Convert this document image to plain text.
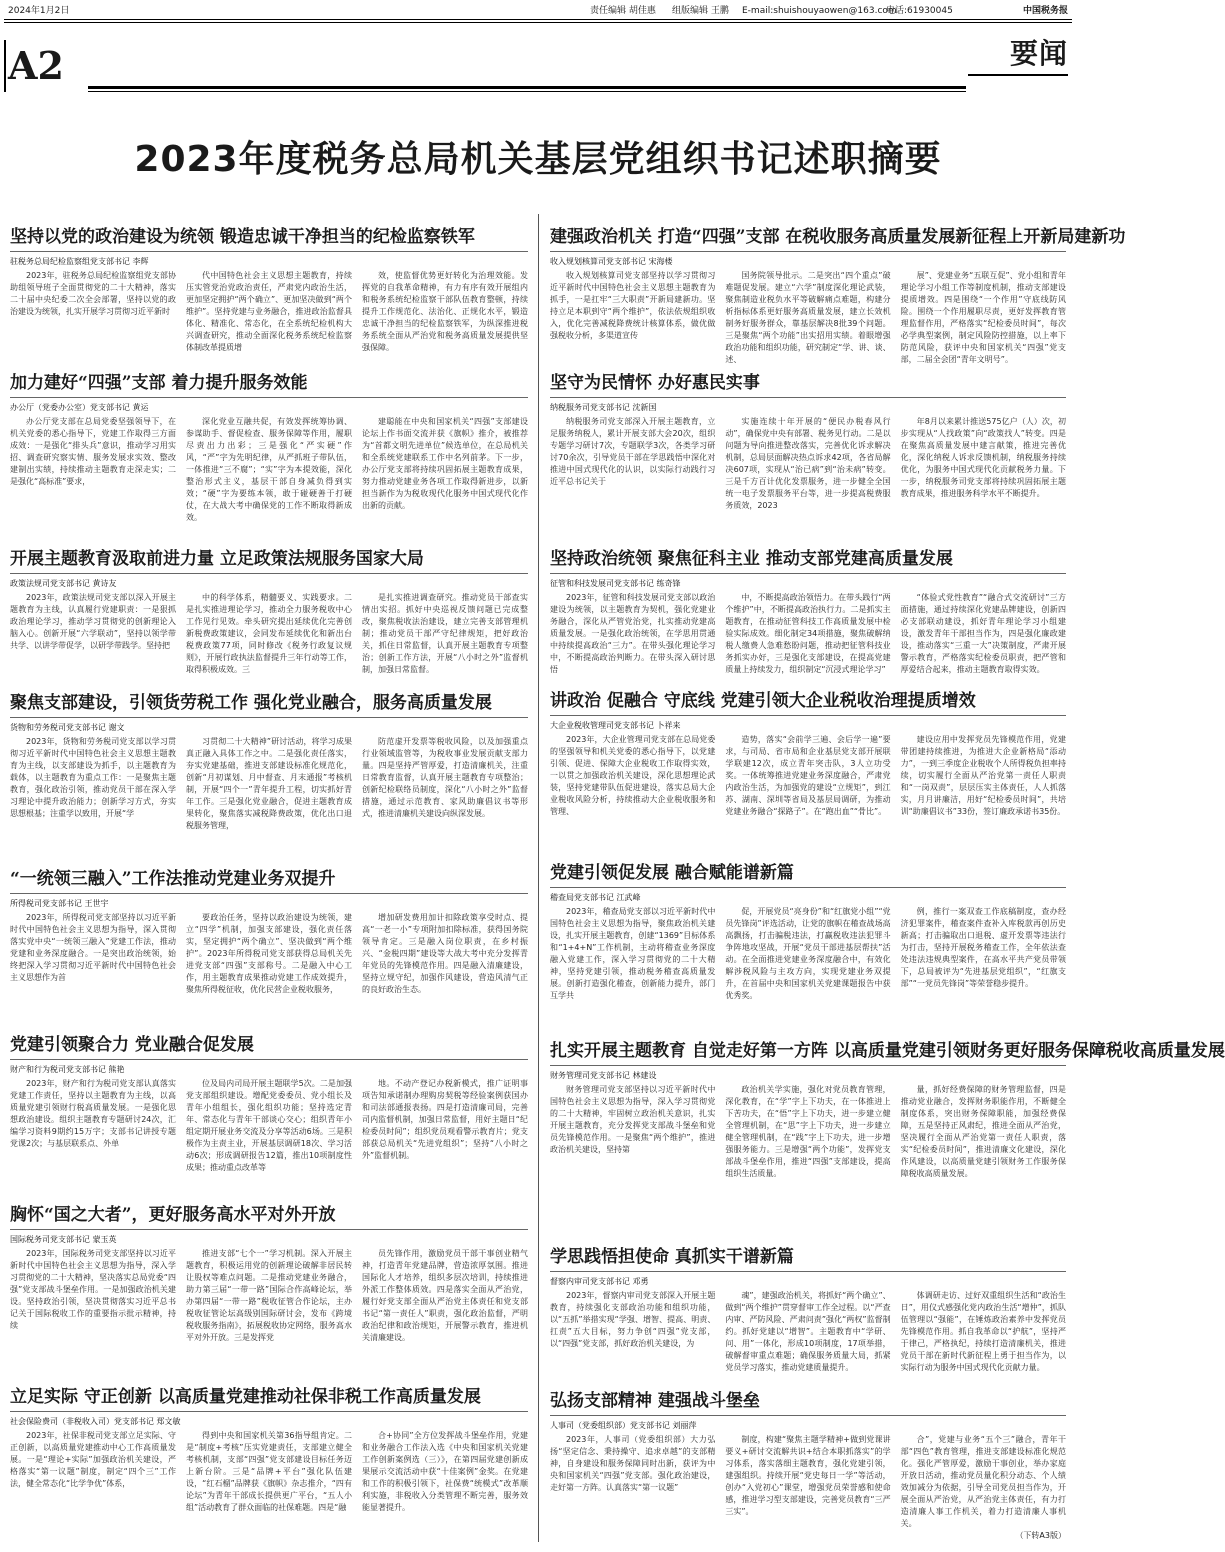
2024年1月2日	责任编辑 胡佳惠 组版编辑 王鹏 E-mail:shuishouyaowen@163.com
电话:61930045	中国税务报
A2	要闻
2023年度税务总局机关基层党组织书记述职摘要
坚持以党的政治建设为统领 锻造忠诚干净担当的纪检监察铁军
驻税务总局纪检监察组党支部书记 李辉
2023年，驻税务总局纪检监察组党支部协助组领导班子全面贯彻党的二十大精神，落实二十届中央纪委二次全会部署，坚持以党的政治建设为统领，扎实开展学习贯彻习近平新时
代中国特色社会主义思想主题教育，持续压实管党治党政治责任，严肃党内政治生活，更加坚定拥护“两个确立”、更加坚决做到“两个维护”。坚持党建与业务融合，推进政治监督具体化、精准化、常态化，在全系统纪检机构大兴调查研究，推动全面深化税务系统纪检监察体制改革提质增
效，使监督优势更好转化为治理效能。发挥党的自我革命精神，有力有序有效开展组内和税务系统纪检监察干部队伍教育整顿，持续提升工作规范化、法治化、正规化水平，锻造忠诚干净担当的纪检监察铁军，为纵深推进税务系统全面从严治党和税务高质量发展提供坚强保障。
加力建好“四强”支部 着力提升服务效能
办公厅（党委办公室）党支部书记 黄运
办公厅党支部在总局党委坚强领导下，在机关党委的悉心指导下，党建工作取得三方面成效：一是强化“排头兵”意识，推动学习用实招、调查研究察实情、服务发展求实效、整改建制出实绩，持续推动主题教育走深走实；二是强化“高标准”要求，
深化党业互融共促，有效发挥统筹协调、参谋助手、督促检查、服务保障等作用，履职尽责出力出彩；三是强化“严实硬”作风，“严”字为先明纪律，从严抓班子带队伍，一体推进“三不腐”；“实”字为本提效能，深化整治形式主义，基层干部自身减负得到实效；“硬”字为要练本领，敢于碰硬善于打硬仗，在大战大考中确保党的工作不断取得新成效。
建聪能在中央和国家机关“四强”支部建设论坛上作书面交流并获《旗帜》推介，被推荐为“首都文明先进单位”候选单位，在总局机关和全系统党建联系工作中名列前茅。下一步，办公厅党支部将持续巩固拓展主题教育成果，努力推动党建业务各项工作取得新进步，以新担当新作为为税收现代化服务中国式现代化作出新的贡献。
开展主题教育汲取前进力量 立足政策法规服务国家大局
政策法规司党支部书记 黄诗友
2023年，政策法规司党支部以深入开展主题教育为主线，认真履行党建职责：一是狠抓政治理论学习，推动学习贯彻党的创新理论入脑入心。创新开展“六学联动”，坚持以领学带共学、以讲学带促学，以研学带践学。坚持把
中的科学体系，精髓要义、实践要求。二是扎实推进理论学习，推动全力服务税收中心工作见行见效。牵头研究提出延续优化完善创新税费政策建议，会同发布延续优化和新出台税费政策77项，同时修改《税务行政复议规则》，开展行政执法监督提升三年行动等工作，取得积极成效。三
是扎实推进调查研究。推动党员干部查实情出实招。抓好中央巡视反馈问题已完成整改，聚焦税收法治建设，建立完善支部管理机制；推动党员干部严守纪律规矩，把好政治关，抓住日常监督，认真开展主题教育专项整治；创新工作方法，开展“八小时之外”监督机制，加强日常监督。
聚焦支部建设，引领货劳税工作 强化党业融合，服务高质量发展
货物和劳务税司党支部书记 谢文
2023年，货物和劳务税司党支部以学习贯彻习近平新时代中国特色社会主义思想主题教育为主线，以支部建设为抓手，以主题教育为载体，以主题教育为重点工作：一是聚焦主题教育，强化政治引领，推动党员干部在深入学习理论中提升政治能力；创新学习方式，夯实思想根基；注重学以致用，开展“学
习贯彻二十大精神”研讨活动，将学习成果真正融入具体工作之中。二是强化责任落实，夯实党建基础，推进支部建设标准化规范化，创新“月初谋划、月中督查、月末通报”考核机制，开展“四个一”青年提升工程，切实抓好青年工作。三是强化党业融合，促进主题教育成果转化，聚焦落实减税降费政策，优化出口退税服务管理，
防范虚开发票等税收风险，以及加强重点行业领域监管等，为税收事业发展贡献支部力量。四是坚持严管厚爱，打造清廉机关，注重日常教育监督，认真开展主题教育专项整治；创新纪检联络员制度，深化“八小时之外”监督措施，通过示范教育、家风助廉倡议书等形式，推进清廉机关建设向纵深发展。
“一统领三融入”工作法推动党建业务双提升
所得税司党支部书记 王世宇
2023年，所得税司党支部坚持以习近平新时代中国特色社会主义思想为指导，深入贯彻落实党中央“一统领三融入”党建工作法，推动党建和业务深度融合。一是突出政治统领，始终把深入学习贯彻习近平新时代中国特色社会主义思想作为首
要政治任务，坚持以政治建设为统领，建立“四学”机制，加强支部建设，强化责任落实，坚定拥护“两个确立”、坚决做到“两个维护”。2023年所得税司党支部获得总局机关先进党支部“四强”支部称号。二是融入中心工作，用主题教育成果推动党建工作成效提升，聚焦所得税征收，优化民营企业税收服务，
增加研发费用加计扣除政策享受时点、提高“一老一小”专项附加扣除标准，获得国务院领导肯定。三是融入岗位职责，在乡村振兴、“金税四期”建设等大战大考中充分发挥青年党员的先锋模范作用。四是融入清廉建设，坚持立规守纪，加强作风建设，营造风清气正的良好政治生态。
党建引领聚合力 党业融合促发展
财产和行为税司党支部书记 熊艳
2023年，财产和行为税司党支部认真落实党建工作责任，坚持以主题教育为主线，以高质量党建引领财行税高质量发展。一是强化思想政治建设。组织主题教育专题研讨24次，汇编学习资料9期约15万字；支部书记讲授专题党课2次；与基层联系点、外单
位及局内司局开展主题联学5次。二是加强党支部组织建设。增配党委委员、党小组长及青年小组组长，强化组织功能；坚持选定青年、常态化与青年干部谈心交心；组织青年小组定期开展业务交流及分享等活动6场。三是积极作为主责主业，开展基层调研18次、学习活动6次；形成调研报告12篇，推出10项制度性成果；推动重点改革等
地。不动产登记办税新模式，推广证明事项告知承诺制办理购房契税等经验案例获国办和司法部通报表扬。四是打造清廉司局，完善司内监督机制，加强日常监督，用好主题日“纪检委员时间”；组织党员观看警示教育片；党支部获总局机关“先进党组织”；坚持“八小时之外”监督机制。
胸怀“国之大者”，更好服务高水平对外开放
国际税务司党支部书记 蒙玉英
2023年，国际税务司党支部坚持以习近平新时代中国特色社会主义思想为指导，深入学习贯彻党的二十大精神，坚决落实总局党委“四强”党支部战斗堡垒作用。一是加强政治机关建设。坚持政治引领，坚决贯彻落实习近平总书记关于国际税收工作的重要指示批示精神，持续
推进支部“七个一”学习机制。深入开展主题教育，积极运用党的创新理论破解非居民转让股权等难点问题。二是推动党建业务融合，助力第三届“一带一路”国际合作高峰论坛，举办第四届“一带一路”税收征管合作论坛，主办税收征管论坛高级别国际研讨会，发布《跨境税收服务指南》，拓展税收协定网络，服务高水平对外开放。三是发挥党
员先锋作用，激励党员干部干事创业精气神，打造青年党建品牌，营造浓厚氛围。推进国际化人才培养，组织多层次培训，持续推进外派工作整体质效。四是落实全面从严治党，履行好党支部全面从严治党主体责任和党支部书记“第一责任人”职责，强化政治监督，严明政治纪律和政治规矩，开展警示教育，推进机关清廉建设。
立足实际 守正创新 以高质量党建推动社保非税工作高质量发展
社会保险费司（非税收入司）党支部书记 郑文敏
2023年，社保非税司党支部立足实际、守正创新，以高质量党建推动中心工作高质量发展。一是“理论+实际”加强政治机关建设，严格落实“第一议题”制度，制定“四个三”工作法，健全常态化“比学争优”体系，
得到中央和国家机关第36指导组肯定。二是“制度+考核”压实党建责任，支部建立健全考核机制，支部“四强”党支部建设目标任务迈上新台阶。三是“品牌+平台”强化队伍建设，“红石榴”品牌获《旗帜》杂志推介，“四有论坛”为青年干部成长提供更广平台，“五人小组”活动教育了群众面临的社保难题。四是“融
合+协同”全方位发挥战斗堡垒作用，党建和业务融合工作法入选《中央和国家机关党建工作创新案例选（三）》，在第四届党建创新成果展示交流活动中获“十佳案例”金奖。在党建和工作的积极引领下，社保费“统模式”改革顺利实施，非税收入分类管理不断完善，服务效能显著提升。
建强政治机关 打造“四强”支部 在税收服务高质量发展新征程上开新局建新功
收入规划核算司党支部书记 宋海楼
收入规划核算司党支部坚持以学习贯彻习近平新时代中国特色社会主义思想主题教育为抓手，一是扛牢“三大职责”开新局建新功。坚持立足本职到守“两个维护”，依法依规组织收入，优化完善减税降费统计核算体系，做优做强税收分析，多渠道宣传
国务院领导批示。二是突出“四个重点”破难题促发展。建立“六学”制度深化理论武装，聚焦制造业税负水平等破解痛点难题，构建分析指标体系更好服务高质量发展，建立长效机制务好服务群众，靠基层解决8批39个问题。三是聚焦“两个功能”出实招用实绩。着眼增强政治功能和组织功能，研究制定“学、讲、谈、述、
展”、党建业务“五联互促”、党小组和青年理论学习小组工作等制度机制，推动支部建设提质增效。四是围绕“一个作用”守底线防风险。围绕一个作用履职尽责，更好发挥教育管理监督作用，严格落实“纪检委员时间”，每次必学典型案例，制定风险防控措施，以上率下防范风险，获评中央和国家机关“四强”党支部，二届全会团“青年文明号”。
坚守为民情怀 办好惠民实事
纳税服务司党支部书记 沈新国
纳税服务司党支部深入开展主题教育，立足服务纳税人，累计开展支部大会20次，组织专题学习研讨7次，专题联学3次，各类学习研讨70余次，引导党员干部在学思践悟中深化对推进中国式现代化的认识，以实际行动践行习近平总书记关于
实施连续十年开展的“便民办税春风行动”，确保党中央有部署、税务见行动。二是以问题为导向推进整改落实，完善优化诉求解决机制，总局层面解决热点诉求42项，各省局解决607项，实现从“治已病”到“治未病”转变。三是千方百计优化发票服务，进一步健全全国统一电子发票服务平台等，进一步提高税费服务质效，2023
年8月以来累计推送575亿户（人）次，初步实现从“人找政策”向“政策找人”转变。四是在聚焦高质量发展中建言献策，推进完善优化，深化纳税人诉求反馈机制，纳税服务持续优化，为服务中国式现代化贡献税务力量。下一步，纳税服务司党支部将持续巩固拓展主题教育成果，推进服务科学水平不断提升。
坚持政治统领 聚焦征科主业 推动支部党建高质量发展
征管和科技发展司党支部书记 练奇锋
2023年，征管和科技发展司党支部以政治建设为统领，以主题教育为契机，强化党建业务融合，深化从严管党治党，扎实推动党建高质量发展。一是强化政治统领，在学思用贯通中持续提高政治“三力”。在带头强化理论学习中，不断提高政治判断力。在带头深入研讨思悟
中，不断提高政治领悟力。在带头践行“两个维护”中，不断提高政治执行力。二是抓实主题教育，在推动征管科技工作高质量发展中检验实际成效。细化制定34项措施，聚焦破解纳税人缴费人急难愁盼问题，推动把征管科技业务抓实办好，三是强化支部建设，在提高党建质量上持续发力，组织制定“沉浸式理论学习”
“体验式党性教育”“融合式交流研讨”三方面措施，通过持续深化党建品牌建设，创新四必支部联动建设，抓好青年理论学习小组建设，激发青年干部担当作为，四是强化廉政建设，推动落实“三重一大”决策制度，严肃开展警示教育，严格落实纪检委员职责，把严管和厚爱结合起来，推动主题教育取得实效。
讲政治 促融合 守底线 党建引领大企业税收治理提质增效
大企业税收管理司党支部书记 卜祥来
2023年，大企业管理司党支部在总局党委的坚强领导和机关党委的悉心指导下，以党建引领、促进、保障大企业税收工作取得实效，一以贯之加强政治机关建设，深化思想理论武装，坚持党建带队伍促进建设，落实总局大企业税收风险分析，持续推动大企业税收服务和管理、
造势，落实“会前学三遍、会后学一遍”要求，与司局、省市局和企业基层党支部开展联学联建12次，成立青年突击队，3人立功受奖。一体统筹推进党建业务深度融合，严肃党内政治生活，为加强党的建设“立规矩”，到江苏、湖南、深圳等省局及基层局调研，为推动党建业务融合“探路子”。在“跑出血”“骨比”。
建设应用中发挥党员先锋模范作用，党建带团建持续推进，为推进大企业新格局“添动力”，一到三季度企业税收个人所得税负担率持续，切实履行全面从严治党第一责任人职责和“一岗双责”，层层压实主体责任，人人抓落实，月月讲廉洁，用好“纪检委员时间”，共培训“助廉倡议书”33份，签订廉政承诺书35份。
党建引领促发展 融合赋能谱新篇
稽查局党支部书记 江武峰
2023年，稽查局党支部以习近平新时代中国特色社会主义思想为指导，聚焦政治机关建设，扎实开展主题教育，创建“1369”目标体系和“1+4+N”工作机制，主动将稽查业务深度融入党建工作，深入学习贯彻党的二十大精神，坚持党建引领，推动税务稽查高质量发展。创新打造强化稽查，创新能力提升，部门互学共
促，开展党员“亮身份”和“红旗党小组”“党员先锋岗”评选活动，让党的旗帜在稽查战场高高飘扬，打击骗税违法，打赢税收违法犯罪斗争阵地攻坚战，开展“党员干部进基层帮扶”活动。在全面推进党建业务深度融合中，有效化解涉税风险与主攻方向，实现党建业务双提升，在首届中央和国家机关党建课题报告中获优秀奖。
例，推行一案双查工作底稿制度，查办经济犯罪案件，稽查案件查补入库税款再创历史新高；打击骗取出口退税、虚开发票等违法行为打击，坚持开展税务稽查工作，全年依法查处违法违规典型案件，在高水平共产党员带领下，总局被评为“先进基层党组织”，“红旗支部”“一党员先锋岗”等荣誉稳步提升。
扎实开展主题教育 自觉走好第一方阵 以高质量党建引领财务更好服务保障税收高质量发展
财务管理司党支部书记 林建设
财务管理司党支部坚持以习近平新时代中国特色社会主义思想为指导，深入学习贯彻党的二十大精神，牢固树立政治机关意识，扎实开展主题教育，充分发挥党支部战斗堡垒和党员先锋模范作用。一是聚焦“两个维护”，推进政治机关建设，坚持第
政治机关学实施，强化对党员教育管理，深化教育，在“学”字上下功夫，在一体推进上下苦功夫，在“悟”字上下功夫，进一步建立健全管理机制，在“思”字上下功夫，进一步建立健全管理机制，在“践”字上下功夫，进一步增强服务能力。三是增强“两个功能”，发挥党支部战斗堡垒作用，推进“四强”支部建设，提高组织生活质量。
量，抓好经费保障的财务管理监督，四是推动党业融合，发挥财务职能作用，不断健全制度体系，突出财务保障职能，加强经费保障，五是坚持正风肃纪，推进全面从严治党，坚决履行全面从严治党第一责任人职责，落实“纪检委员时间”，推进清廉文化建设，深化作风建设，以高质量党建引领财务工作服务保障税收高质量发展。
学思践悟担使命 真抓实干谱新篇
督察内审司党支部书记 邓勇
2023年，督察内审司党支部深入开展主题教育，持续强化支部政治功能和组织功能，以“五抓”举措实现“学强、增智、提高、明责、扛责”五大目标，努力争创“四强”党支部，以“四强”党支部，抓好政治机关建设，为
魂”，建强政治机关，将抓好“两个确立”、做到“两个维护”贯穿督审工作全过程。以“严查内审、严防风险、严肃问责”强化“两权”监督制约。抓好党建以“增智”。主题教育中“学研、问、用”一体化，形成10项制度，17项举措，破解督审重点难题；确保服务质量大局，抓紧党员学习落实，推动党建质量提升。
体调研走访、过好双重组织生活和“政治生日”，用仪式感强化党内政治生活“增仲”，抓队伍管理以“强能”，在锤炼政治素养中发挥党员先锋模范作用。抓自我革命以“护航”，坚持严于律己，严格执纪，持续打造清廉机关，推进党员干部在新时代新征程上勇于担当作为，以实际行动为服务中国式现代化贡献力量。
弘扬支部精神 建强战斗堡垒
人事司（党委组织部）党支部书记 刘丽萍
2023年，人事司（党委组织部）大力弘扬“坚定信念、秉持操守、追求卓越”的支部精神，自身建设和服务保障同时出新，获评为中央和国家机关“四强”党支部。强化政治建设，走好第一方阵。认真落实“第一议题”
制度，构建“聚焦主题学精神+做到党课讲要义+研讨交流解共识+结合本职抓落实”的学习体系，落实落细主题教育，强化党建引领，建强组织。持续开展“党史每日一学”等活动，创办“入党初心”课堂，增强党员荣誉感和使命感，推进学习型支部建设，完善党员教育“三严三实”。
合”，党建与业务“五个三”融合，青年干部“四色”教育管理，推进支部建设标准化规范化。强化严管厚爱，激励干事创业，举办家庭开放日活动，推动党员量化积分动态、个人绩效加减分为依据，引导全司党员担当作为，开展全面从严治党，从严治党主体责任，有力打造清廉人事工作机关，着力打造清廉人事机关。
（下转A3版）
